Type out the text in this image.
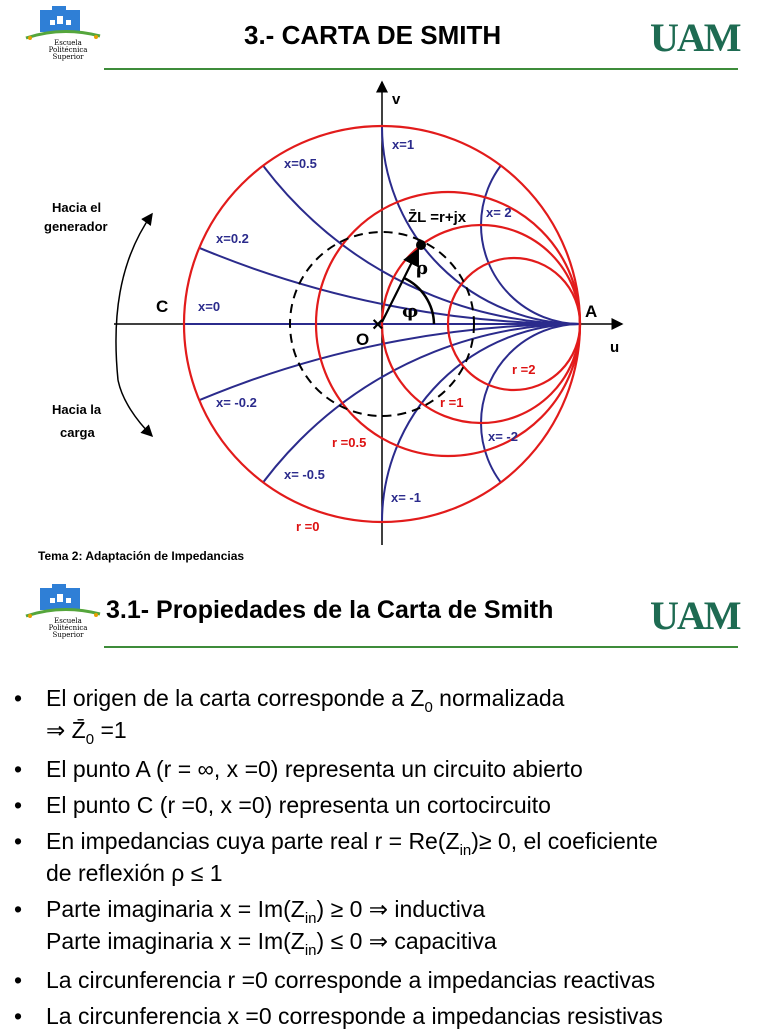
Escuela
Politécnica
Superior
3.- CARTA DE SMITH	UAM
×
v
u
C	A
O
ρ
φ
Z̄L =r+jx
Hacia el
generador
Hacia la
carga
x=1
x=0.5
x=0.2
x=0
x= 2
x= -0.2
x= -0.5
x= -1
x= -2
r =0
r =0.5
r =1
r =2
Tema 2: Adaptación de Impedancias
Escuela
Politécnica
Superior
3.1- Propiedades de la Carta de Smith UAM
• El origen de la carta corresponde a $Z_0$ normalizada
⇒ $Z̄_0 =1$
• El punto A (r = ∞, x =0) representa un circuito abierto
• El punto C (r =0, x =0) representa un cortocircuito
• En impedancias cuya parte real $r = Re(Z_{in})\ge 0$, el coeficiente
de reflexión ρ ≤ 1
• Parte imaginaria $x = Im(Z_{in}) \ge 0$ ⇒ inductiva
Parte imaginaria $x = Im(Z_{in}) \le 0$ ⇒ capacitiva
• La circunferencia r =0 corresponde a impedancias reactivas
• La circunferencia x =0 corresponde a impedancias resistivas
